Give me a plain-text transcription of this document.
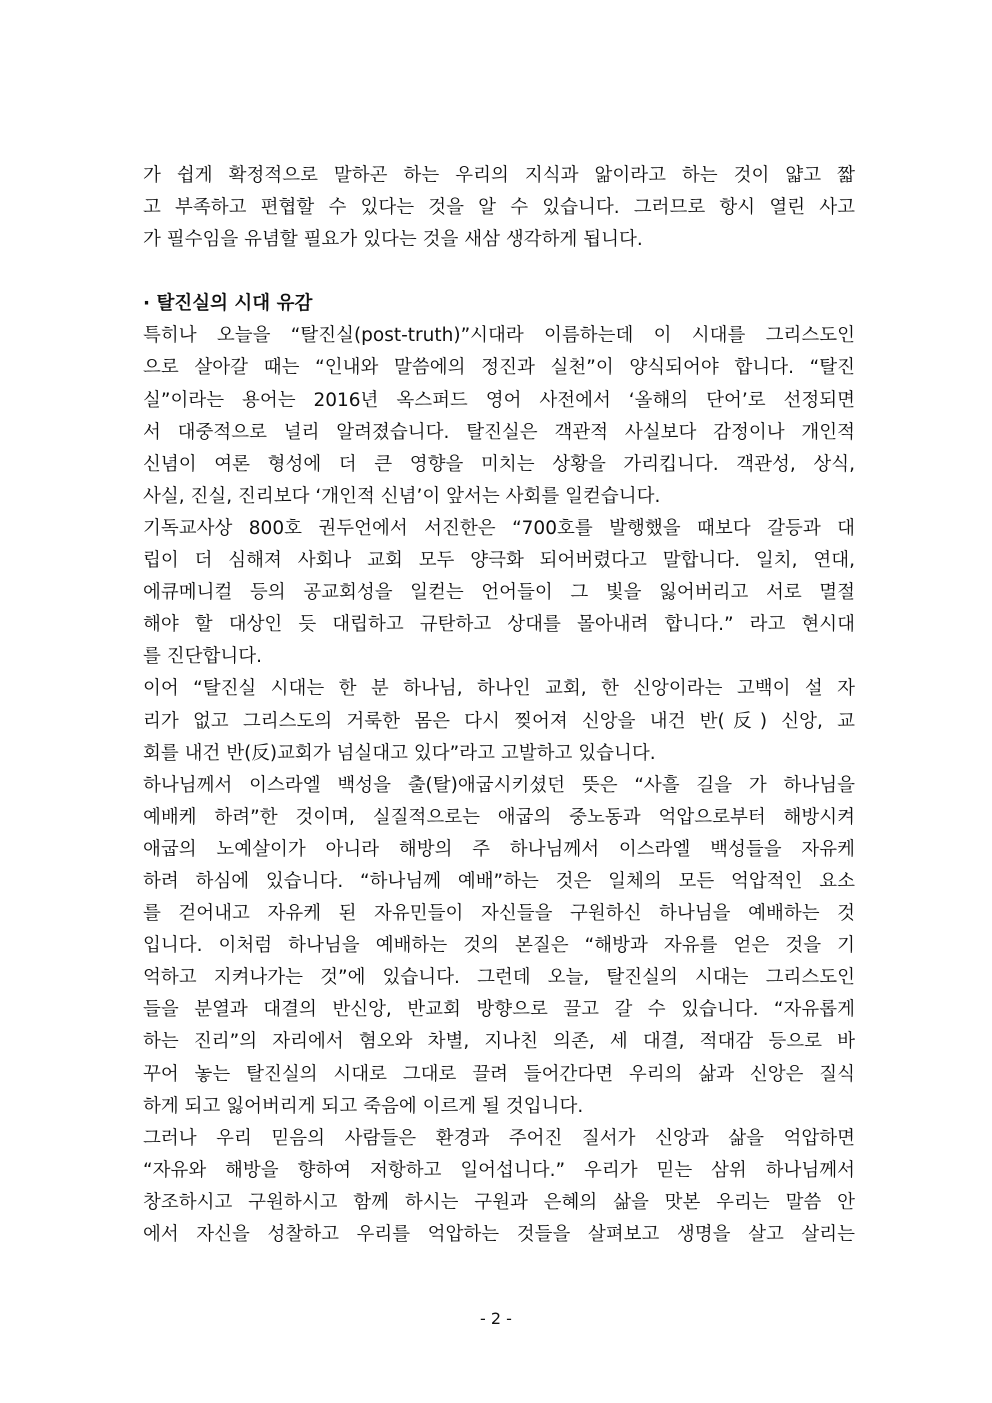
가 쉽게 확정적으로 말하곤 하는 우리의 지식과 앎이라고 하는 것이 얇고 짧
고 부족하고 편협할 수 있다는 것을 알 수 있습니다. 그러므로 항시 열린 사고
가 필수임을 유념할 필요가 있다는 것을 새삼 생각하게 됩니다.
· 탈진실의 시대 유감
특히나 오늘을 “탈진실(post-truth)”시대라 이름하는데 이 시대를 그리스도인
으로 살아갈 때는 “인내와 말씀에의 정진과 실천”이 양식되어야 합니다. “탈진
실”이라는 용어는 2016년 옥스퍼드 영어 사전에서 ‘올해의 단어’로 선정되면
서 대중적으로 널리 알려졌습니다. 탈진실은 객관적 사실보다 감정이나 개인적
신념이 여론 형성에 더 큰 영향을 미치는 상황을 가리킵니다. 객관성, 상식,
사실, 진실, 진리보다 ‘개인적 신념’이 앞서는 사회를 일컫습니다.
기독교사상 800호 권두언에서 서진한은 “700호를 발행했을 때보다 갈등과 대
립이 더 심해져 사회나 교회 모두 양극화 되어버렸다고 말합니다. 일치, 연대,
에큐메니컬 등의 공교회성을 일컫는 언어들이 그 빛을 잃어버리고 서로 멸절
해야 할 대상인 듯 대립하고 규탄하고 상대를 몰아내려 합니다.” 라고 현시대
를 진단합니다.
이어 “탈진실 시대는 한 분 하나님, 하나인 교회, 한 신앙이라는 고백이 설 자
리가 없고 그리스도의 거룩한 몸은 다시 찢어져 신앙을 내건 반(反) 신앙, 교
회를 내건 반(反)교회가 넘실대고 있다”라고 고발하고 있습니다.
하나님께서 이스라엘 백성을 출(탈)애굽시키셨던 뜻은 “사흘 길을 가 하나님을
예배케 하려”한 것이며, 실질적으로는 애굽의 중노동과 억압으로부터 해방시켜
애굽의 노예살이가 아니라 해방의 주 하나님께서 이스라엘 백성들을 자유케
하려 하심에 있습니다. “하나님께 예배”하는 것은 일체의 모든 억압적인 요소
를 걷어내고 자유케 된 자유민들이 자신들을 구원하신 하나님을 예배하는 것
입니다. 이처럼 하나님을 예배하는 것의 본질은 “해방과 자유를 얻은 것을 기
억하고 지켜나가는 것”에 있습니다. 그런데 오늘, 탈진실의 시대는 그리스도인
들을 분열과 대결의 반신앙, 반교회 방향으로 끌고 갈 수 있습니다. “자유롭게
하는 진리”의 자리에서 혐오와 차별, 지나친 의존, 세 대결, 적대감 등으로 바
꾸어 놓는 탈진실의 시대로 그대로 끌려 들어간다면 우리의 삶과 신앙은 질식
하게 되고 잃어버리게 되고 죽음에 이르게 될 것입니다.
그러나 우리 믿음의 사람들은 환경과 주어진 질서가 신앙과 삶을 억압하면
“자유와 해방을 향하여 저항하고 일어섭니다.” 우리가 믿는 삼위 하나님께서
창조하시고 구원하시고 함께 하시는 구원과 은혜의 삶을 맛본 우리는 말씀 안
에서 자신을 성찰하고 우리를 억압하는 것들을 살펴보고 생명을 살고 살리는
- 2 -
